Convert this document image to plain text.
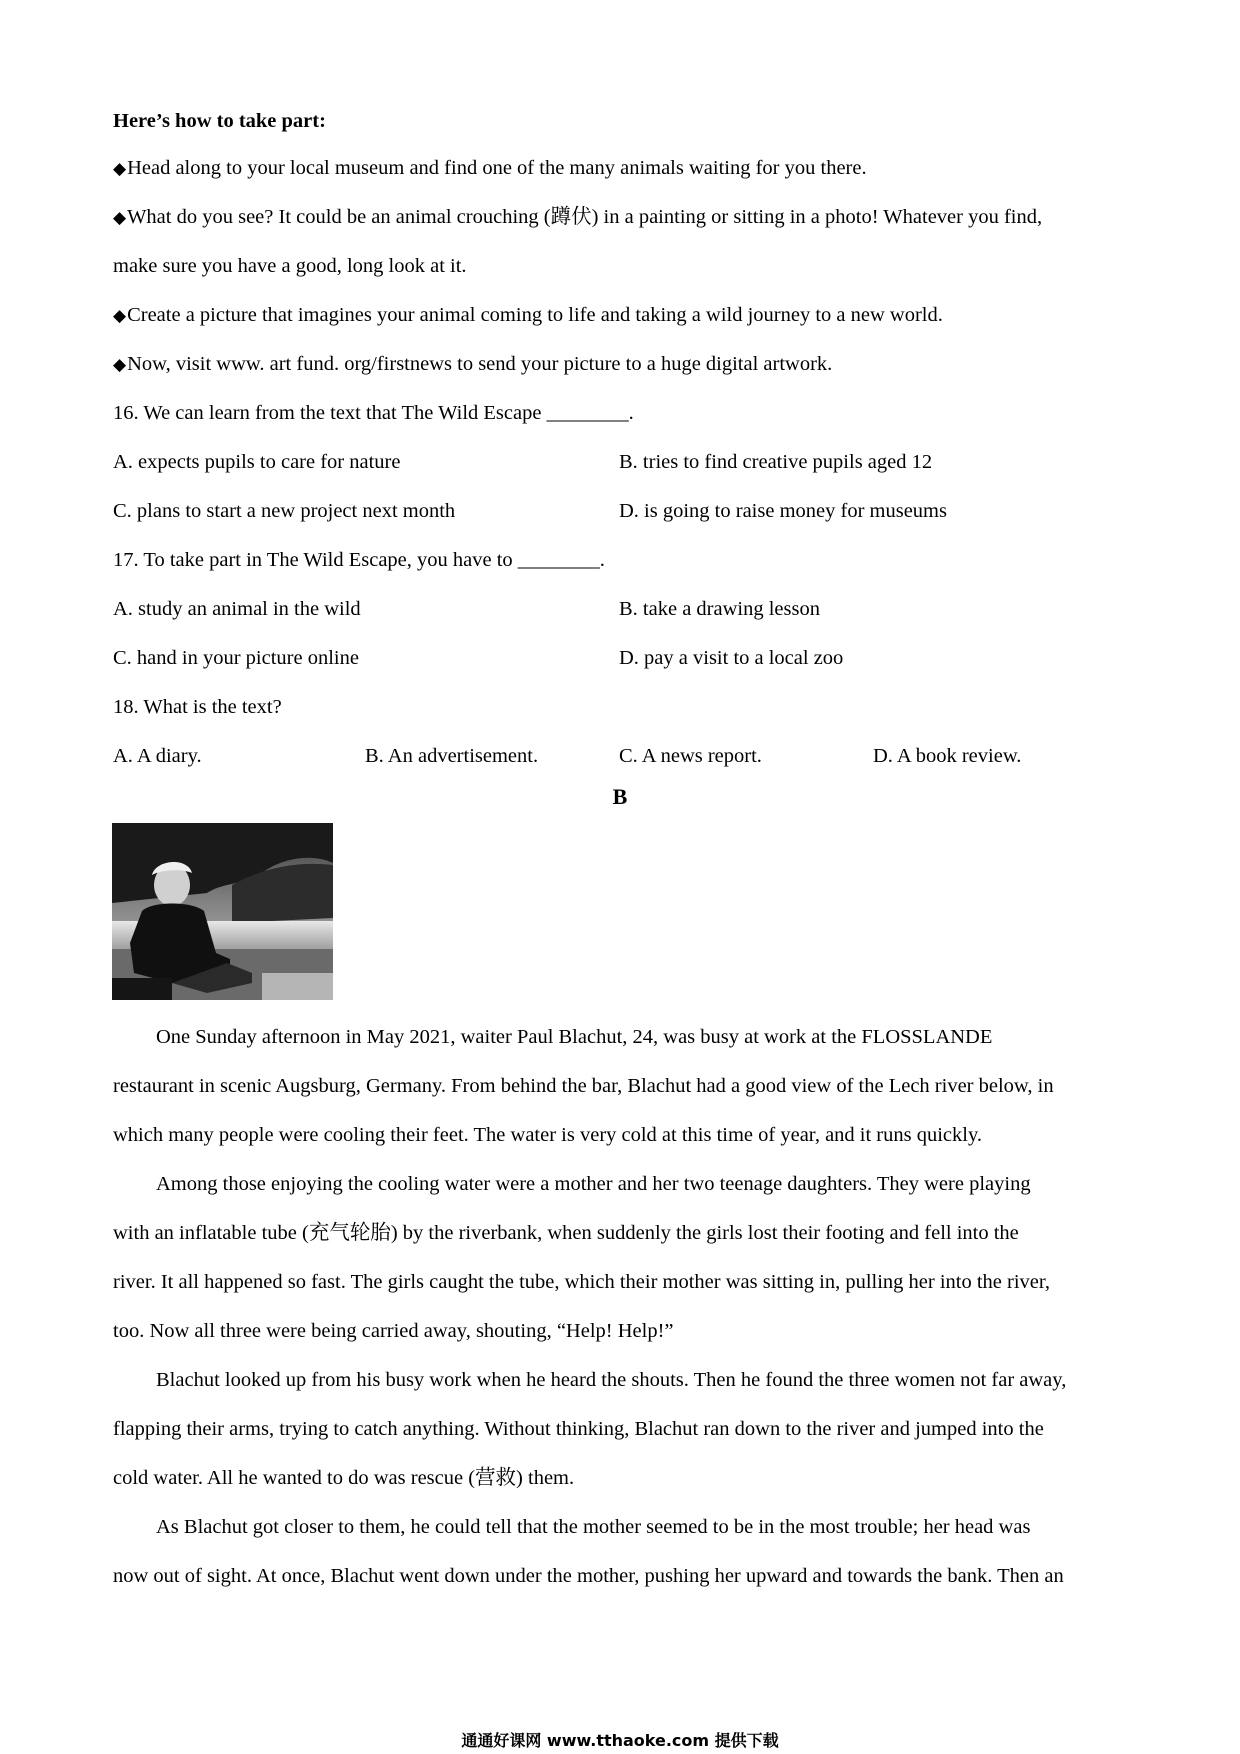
Here’s how to take part:
◆Head along to your local museum and find one of the many animals waiting for you there.
◆What do you see? It could be an animal crouching (蹲伏) in a painting or sitting in a photo! Whatever you find,
make sure you have a good, long look at it.
◆Create a picture that imagines your animal coming to life and taking a wild journey to a new world.
◆Now, visit www. art fund. org/firstnews to send your picture to a huge digital artwork.
16. We can learn from the text that The Wild Escape ________.
A. expects pupils to care for nature	B. tries to find creative pupils aged 12
C. plans to start a new project next month	D. is going to raise money for museums
17. To take part in The Wild Escape, you have to ________.
A. study an animal in the wild	B. take a drawing lesson
C. hand in your picture online	D. pay a visit to a local zoo
18. What is the text?
A. A diary.	B. An advertisement.	C. A news report.	D. A book review.
B
One Sunday afternoon in May 2021, waiter Paul Blachut, 24, was busy at work at the FLOSSLANDE
restaurant in scenic Augsburg, Germany. From behind the bar, Blachut had a good view of the Lech river below, in
which many people were cooling their feet. The water is very cold at this time of year, and it runs quickly.
Among those enjoying the cooling water were a mother and her two teenage daughters. They were playing
with an inflatable tube (充气轮胎) by the riverbank, when suddenly the girls lost their footing and fell into the
river. It all happened so fast. The girls caught the tube, which their mother was sitting in, pulling her into the river,
too. Now all three were being carried away, shouting, “Help! Help!”
Blachut looked up from his busy work when he heard the shouts. Then he found the three women not far away,
flapping their arms, trying to catch anything. Without thinking, Blachut ran down to the river and jumped into the
cold water. All he wanted to do was rescue (营救) them.
As Blachut got closer to them, he could tell that the mother seemed to be in the most trouble; her head was
now out of sight. At once, Blachut went down under the mother, pushing her upward and towards the bank. Then an
通通好课网 www.tthaoke.com 提供下载
